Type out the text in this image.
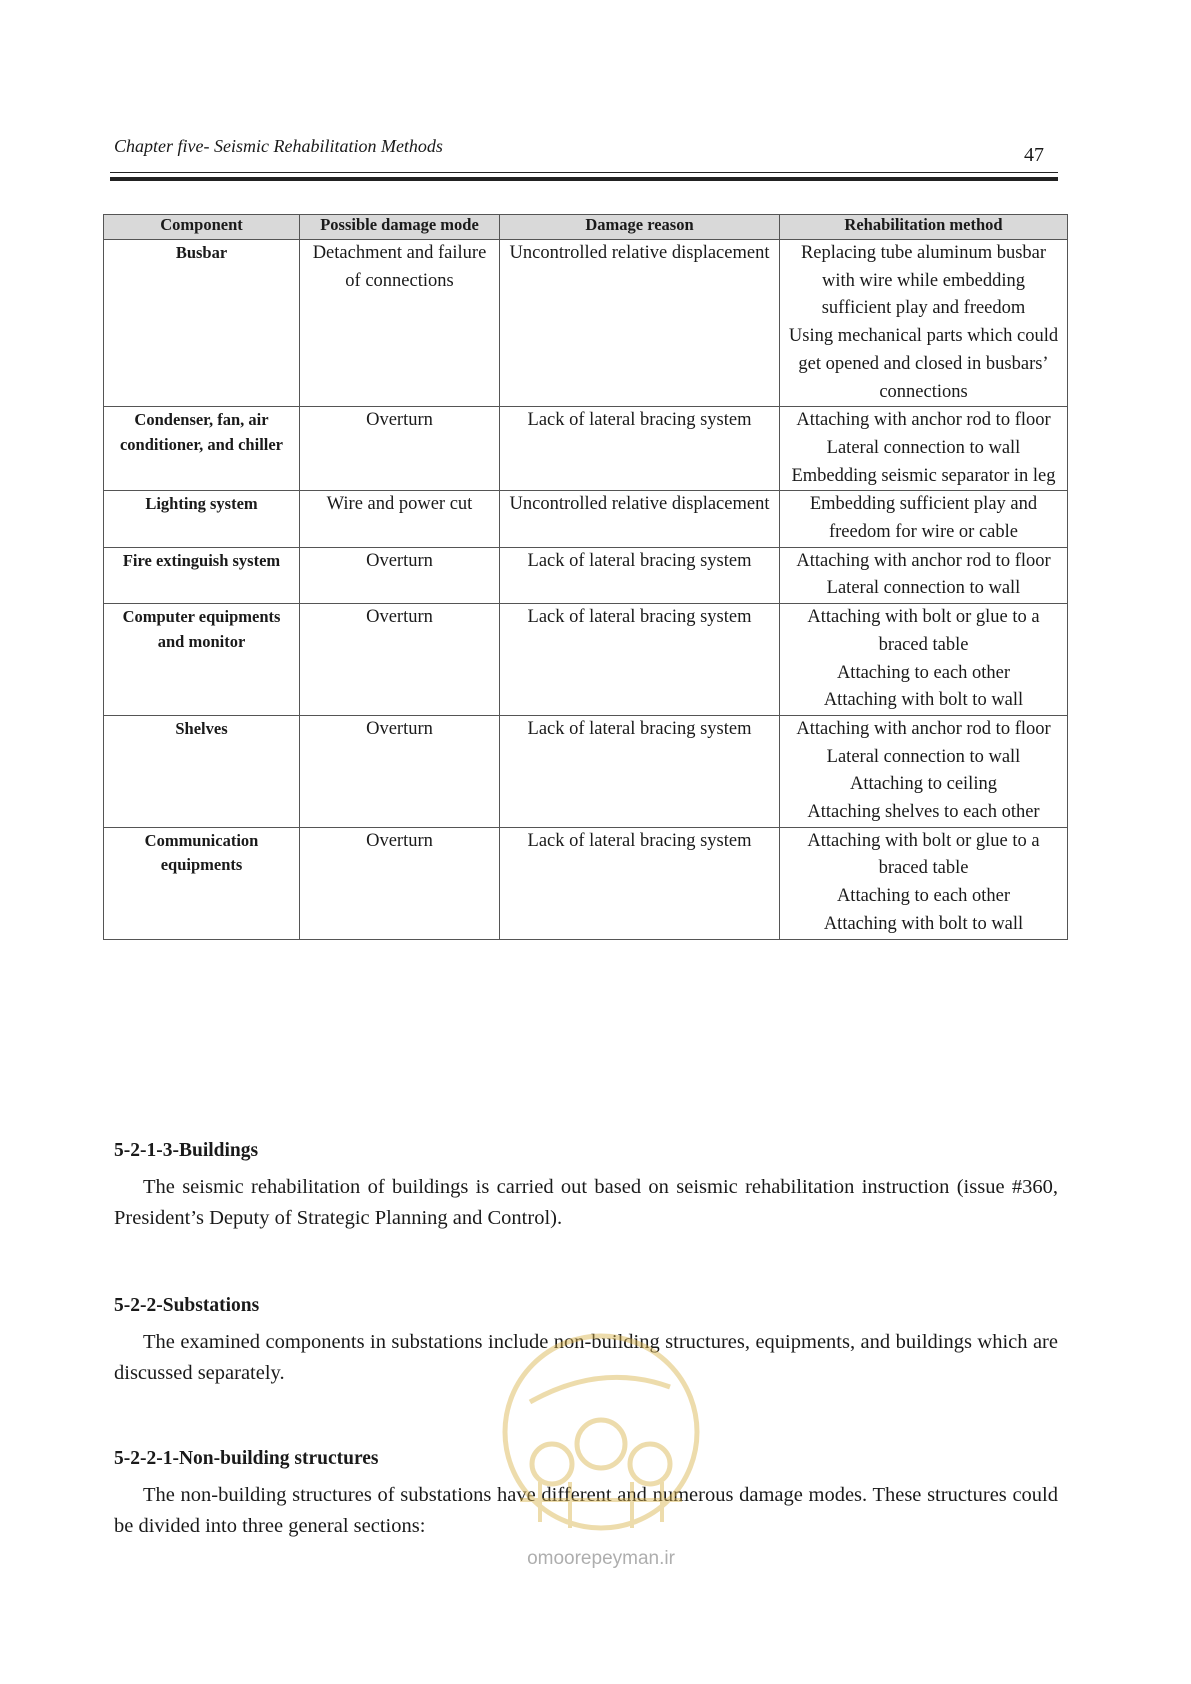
Chapter five- Seismic Rehabilitation Methods	47
Component	Possible damage mode	Damage reason	Rehabilitation method
Busbar	Detachment and failure of connections	Uncontrolled relative displacement	Replacing tube aluminum busbar with wire while embedding sufficient play and freedom
Using mechanical parts which could get opened and closed in busbars’ connections

Condenser, fan, air conditioner, and chiller	Overturn	Lack of lateral bracing system	Attaching with anchor rod to floor
Lateral connection to wall
Embedding seismic separator in leg

Lighting system	Wire and power cut	Uncontrolled relative displacement	Embedding sufficient play and freedom for wire or cable

Fire extinguish system	Overturn	Lack of lateral bracing system	Attaching with anchor rod to floor
Lateral connection to wall

Computer equipments and monitor	Overturn	Lack of lateral bracing system	Attaching with bolt or glue to a braced table
Attaching to each other
Attaching with bolt to wall

Shelves	Overturn	Lack of lateral bracing system	Attaching with anchor rod to floor
Lateral connection to wall
Attaching to ceiling
Attaching shelves to each other

Communication equipments	Overturn	Lack of lateral bracing system	Attaching with bolt or glue to a braced table
Attaching to each other
Attaching with bolt to wall
5-2-1-3-Buildings

The seismic rehabilitation of buildings is carried out based on seismic rehabilitation instruction (issue #360, President’s Deputy of Strategic Planning and Control).

5-2-2-Substations

The examined components in substations include non-building structures, equipments, and buildings which are discussed separately.

5-2-2-1-Non-building structures

The non-building structures of substations have different and numerous damage modes. These structures could be divided into three general sections:

omoorepeyman.ir
